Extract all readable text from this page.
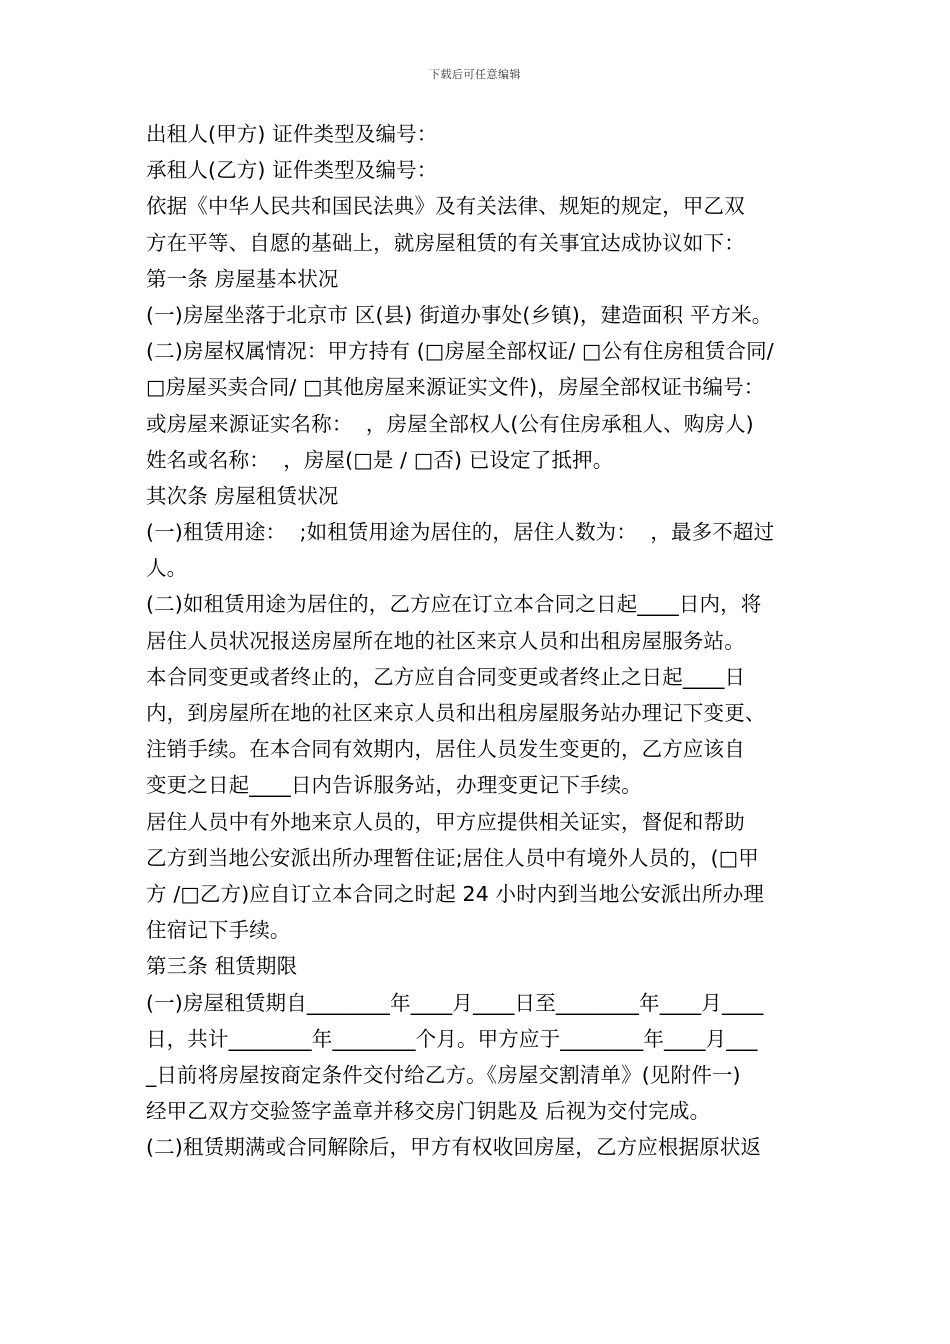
下载后可任意编辑
出租人(甲方) 证件类型及编号：
承租人(乙方) 证件类型及编号：
依据《中华人民共和国民法典》及有关法律、规矩的规定，甲乙双
方在平等、自愿的基础上，就房屋租赁的有关事宜达成协议如下：
第一条 房屋基本状况
(一)房屋坐落于北京市 区(县) 街道办事处(乡镇)，建造面积 平方米。
(二)房屋权属情况：甲方持有 (□房屋全部权证/ □公有住房租赁合同/
□房屋买卖合同/ □其他房屋来源证实文件)，房屋全部权证书编号：
或房屋来源证实名称：  ，房屋全部权人(公有住房承租人、购房人)
姓名或名称：  ，房屋(□是 / □否) 已设定了抵押。
其次条 房屋租赁状况
(一)租赁用途：  ;如租赁用途为居住的，居住人数为：  ，最多不超过
人。
(二)如租赁用途为居住的，乙方应在订立本合同之日起____日内，将
居住人员状况报送房屋所在地的社区来京人员和出租房屋服务站。
本合同变更或者终止的，乙方应自合同变更或者终止之日起____日
内，到房屋所在地的社区来京人员和出租房屋服务站办理记下变更、
注销手续。在本合同有效期内，居住人员发生变更的，乙方应该自
变更之日起____日内告诉服务站，办理变更记下手续。
居住人员中有外地来京人员的，甲方应提供相关证实，督促和帮助
乙方到当地公安派出所办理暂住证;居住人员中有境外人员的，(□甲
方 /□乙方)应自订立本合同之时起 24 小时内到当地公安派出所办理
住宿记下手续。
第三条 租赁期限
(一)房屋租赁期自________年____月____日至________年____月____
日，共计________年________个月。甲方应于________年____月___
_日前将房屋按商定条件交付给乙方。《房屋交割清单》(见附件一)
经甲乙双方交验签字盖章并移交房门钥匙及 后视为交付完成。
(二)租赁期满或合同解除后，甲方有权收回房屋，乙方应根据原状返
